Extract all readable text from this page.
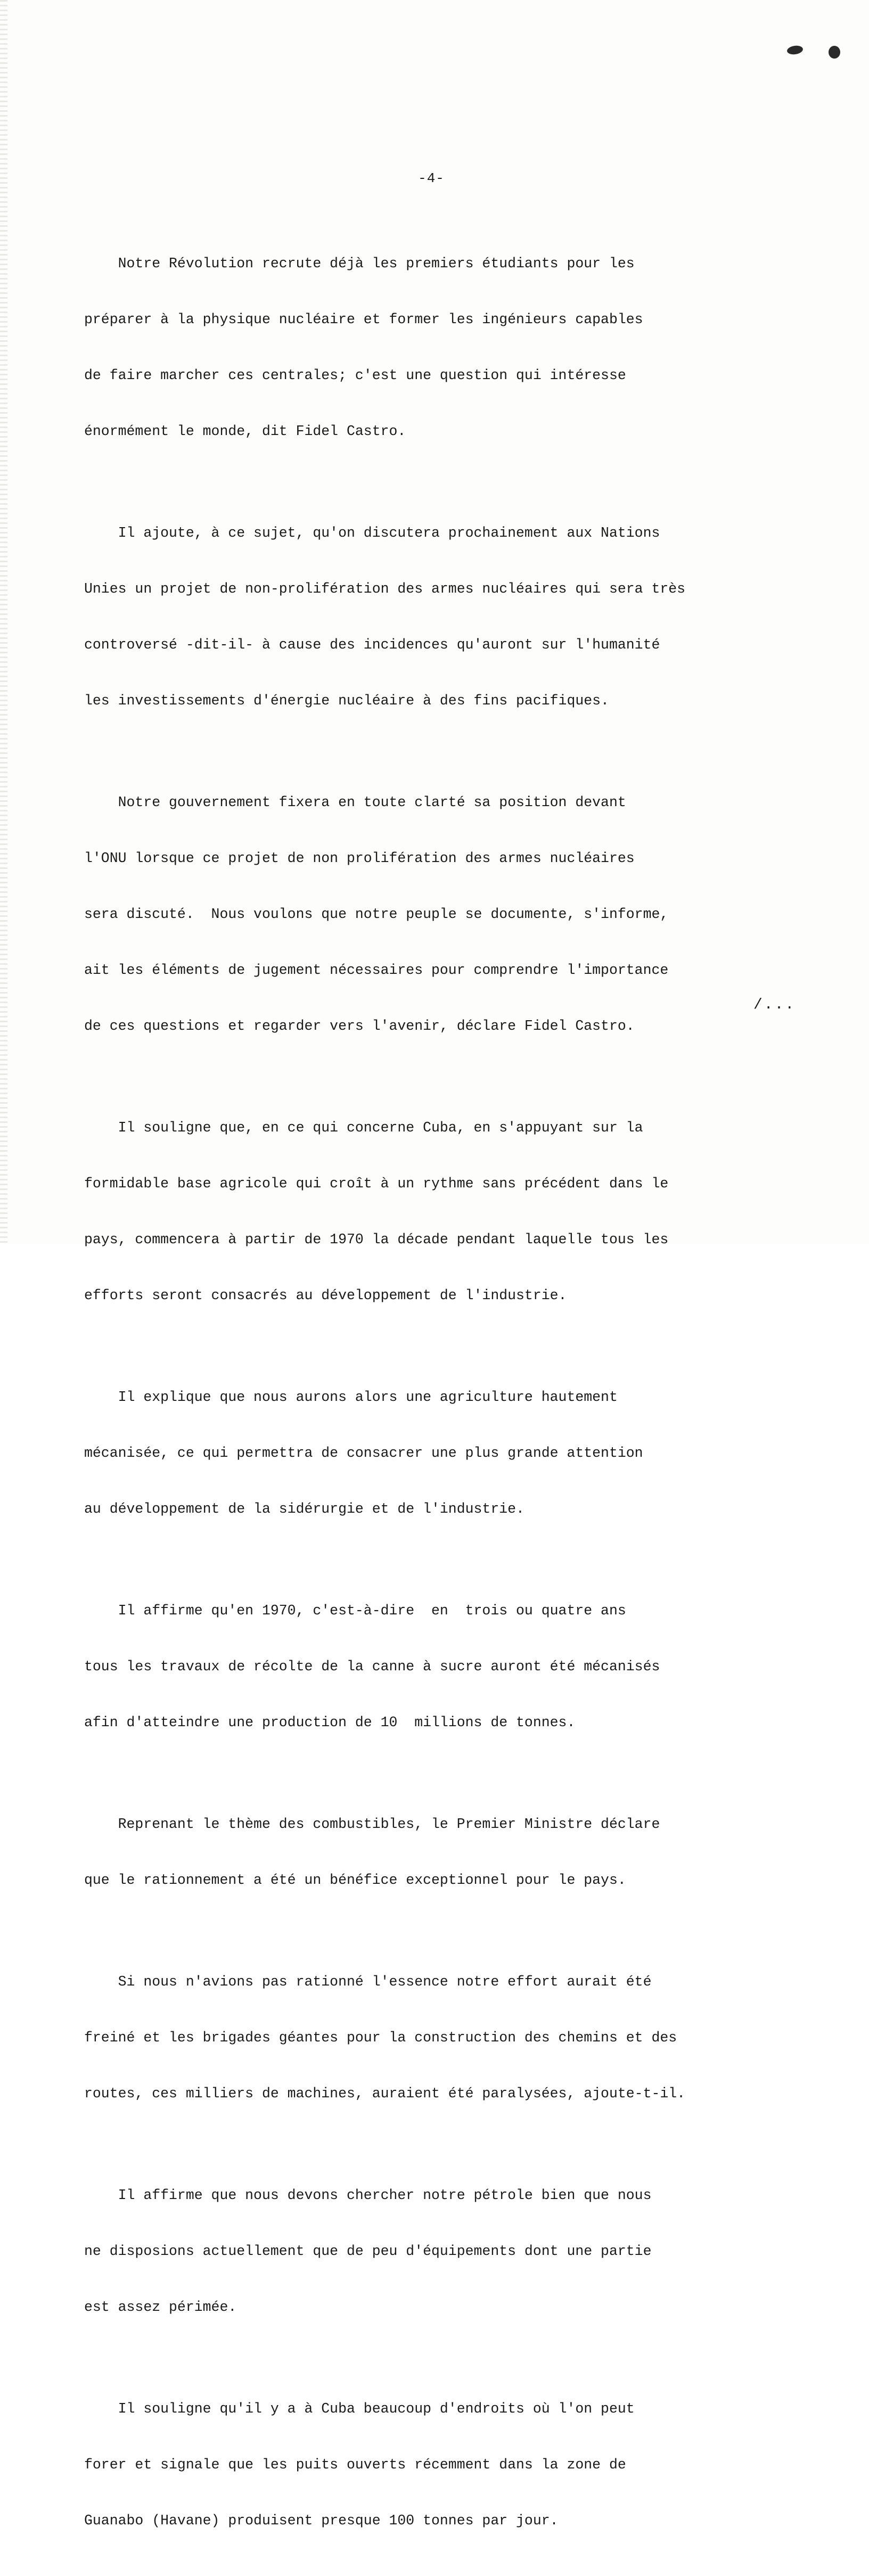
-4-

Notre Révolution recrute déjà les premiers étudiants pour les

préparer à la physique nucléaire et former les ingénieurs capables

de faire marcher ces centrales; c'est une question qui intéresse

énormément le monde, dit Fidel Castro.

Il ajoute, à ce sujet, qu'on discutera prochainement aux Nations

Unies un projet de non-prolifération des armes nucléaires qui sera très

controversé -dit-il- à cause des incidences qu'auront sur l'humanité

les investissements d'énergie nucléaire à des fins pacifiques.

Notre gouvernement fixera en toute clarté sa position devant

l'ONU lorsque ce projet de non prolifération des armes nucléaires

sera discuté.  Nous voulons que notre peuple se documente, s'informe,

ait les éléments de jugement nécessaires pour comprendre l'importance

de ces questions et regarder vers l'avenir, déclare Fidel Castro.

Il souligne que, en ce qui concerne Cuba, en s'appuyant sur la

formidable base agricole qui croît à un rythme sans précédent dans le

pays, commencera à partir de 1970 la décade pendant laquelle tous les

efforts seront consacrés au développement de l'industrie.

Il explique que nous aurons alors une agriculture hautement

mécanisée, ce qui permettra de consacrer une plus grande attention

au développement de la sidérurgie et de l'industrie.

Il affirme qu'en 1970, c'est-à-dire  en  trois ou quatre ans

tous les travaux de récolte de la canne à sucre auront été mécanisés

afin d'atteindre une production de 10  millions de tonnes.

Reprenant le thème des combustibles, le Premier Ministre déclare

que le rationnement a été un bénéfice exceptionnel pour le pays.

Si nous n'avions pas rationné l'essence notre effort aurait été

freiné et les brigades géantes pour la construction des chemins et des

routes, ces milliers de machines, auraient été paralysées, ajoute-t-il.

Il affirme que nous devons chercher notre pétrole bien que nous

ne disposions actuellement que de peu d'équipements dont une partie

est assez périmée.

Il souligne qu'il y a à Cuba beaucoup d'endroits où l'on peut

forer et signale que les puits ouverts récemment dans la zone de

Guanabo (Havane) produisent presque 100 tonnes par jour.

/...
